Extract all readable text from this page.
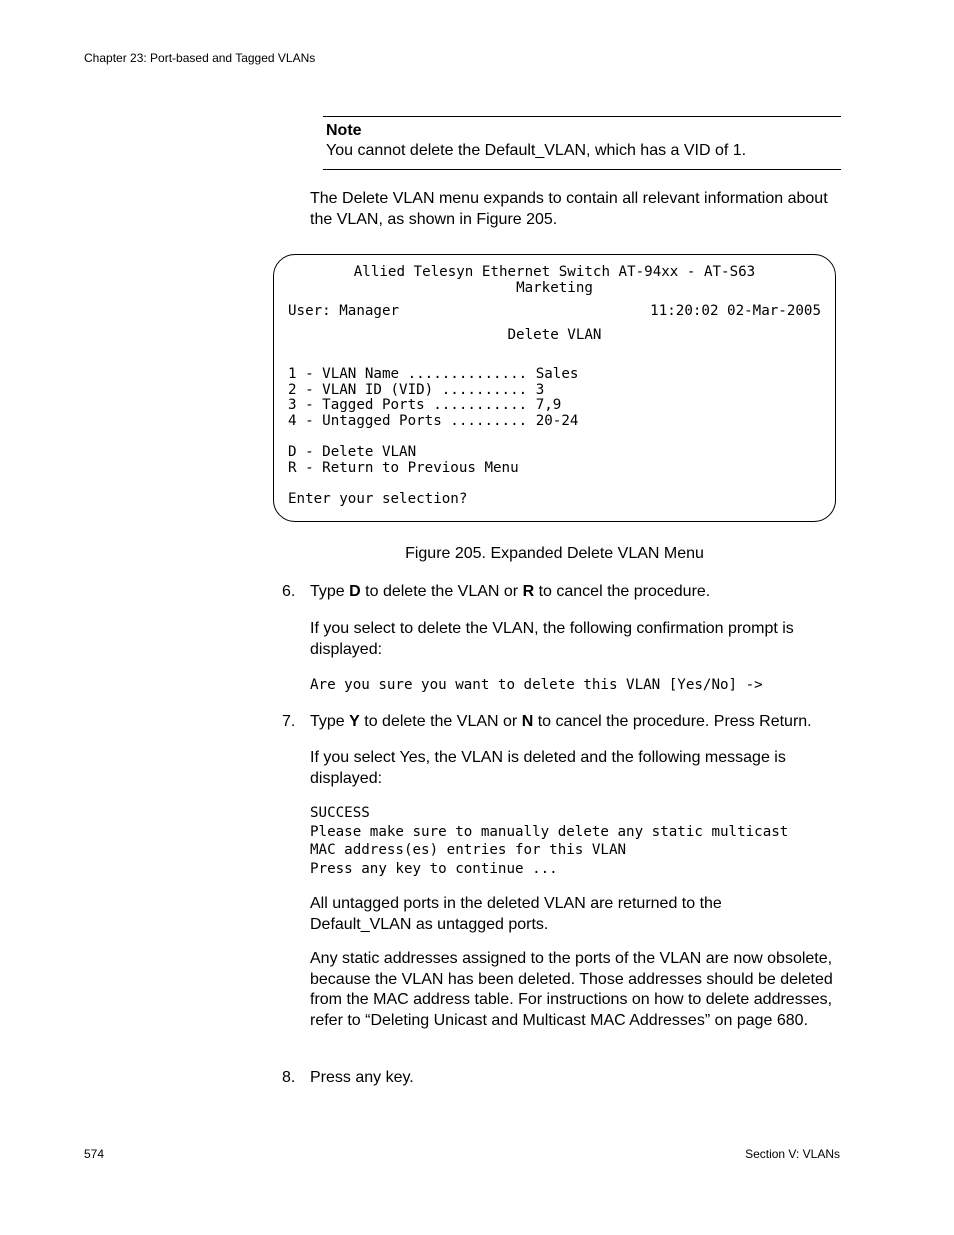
Chapter 23: Port-based and Tagged VLANs
Note
You cannot delete the Default_VLAN, which has a VID of 1.
The Delete VLAN menu expands to contain all relevant information about the VLAN, as shown in Figure 205.
Allied Telesyn Ethernet Switch AT-94xx - AT-S63
Marketing
User: Manager	11:20:02 02-Mar-2005
Delete VLAN
1 - VLAN Name .............. Sales
2 - VLAN ID (VID) .......... 3
3 - Tagged Ports ........... 7,9
4 - Untagged Ports ......... 20-24
D - Delete VLAN
R - Return to Previous Menu
Enter your selection?
Figure 205. Expanded Delete VLAN Menu
6. Type D to delete the VLAN or R to cancel the procedure.
If you select to delete the VLAN, the following confirmation prompt is displayed:
Are you sure you want to delete this VLAN [Yes/No] ->
7. Type Y to delete the VLAN or N to cancel the procedure. Press Return.
If you select Yes, the VLAN is deleted and the following message is displayed:
SUCCESS
Please make sure to manually delete any static multicast
MAC address(es) entries for this VLAN
Press any key to continue ...
All untagged ports in the deleted VLAN are returned to the Default_VLAN as untagged ports.
Any static addresses assigned to the ports of the VLAN are now obsolete, because the VLAN has been deleted. Those addresses should be deleted from the MAC address table. For instructions on how to delete addresses, refer to “Deleting Unicast and Multicast MAC Addresses” on page 680.
8. Press any key.
574	Section V: VLANs
